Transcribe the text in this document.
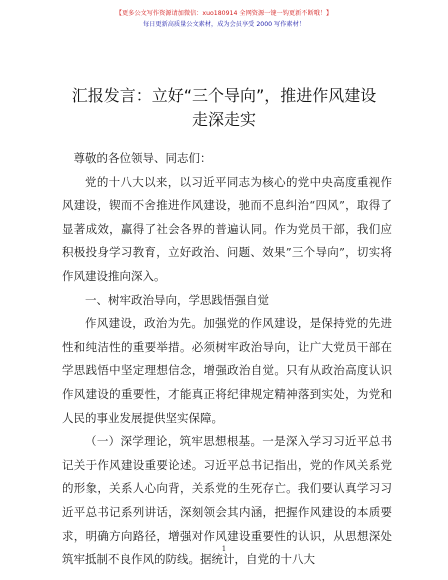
【更多公文写作资源请加微信：xuo180914 全网资源一键一钩更新不断哦！】
每日更新高质量公文素材，成为会员享受 2000 写作素材！
汇报发言：立好“三个导向”，推进作风建设
走深走实

尊敬的各位领导、同志们：

党的十八大以来，以习近平同志为核心的党中央高度重视作风建设，锲而不舍推进作风建设，驰而不息纠治“四风”，取得了显著成效，赢得了社会各界的普遍认同。作为党员干部，我们应积极投身学习教育，立好政治、问题、效果”三个导向”，切实将作风建设推向深入。

一、树牢政治导向，学思践悟强自觉

作风建设，政治为先。加强党的作风建设，是保持党的先进性和纯洁性的重要举措。必须树牢政治导向，让广大党员干部在学思践悟中坚定理想信念，增强政治自觉。只有从政治高度认识作风建设的重要性，才能真正将纪律规定精神落到实处，为党和人民的事业发展提供坚实保障。

（一）深学理论，筑牢思想根基。一是深入学习习近平总书记关于作风建设重要论述。习近平总书记指出，党的作风关系党的形象，关系人心向背，关系党的生死存亡。我们要认真学习习近平总书记系列讲话，深刻领会其内涵，把握作风建设的本质要求，明确方向路径，增强对作风建设重要性的认识，从思想深处筑牢抵制不良作风的防线。据统计，自党的十八大

1
